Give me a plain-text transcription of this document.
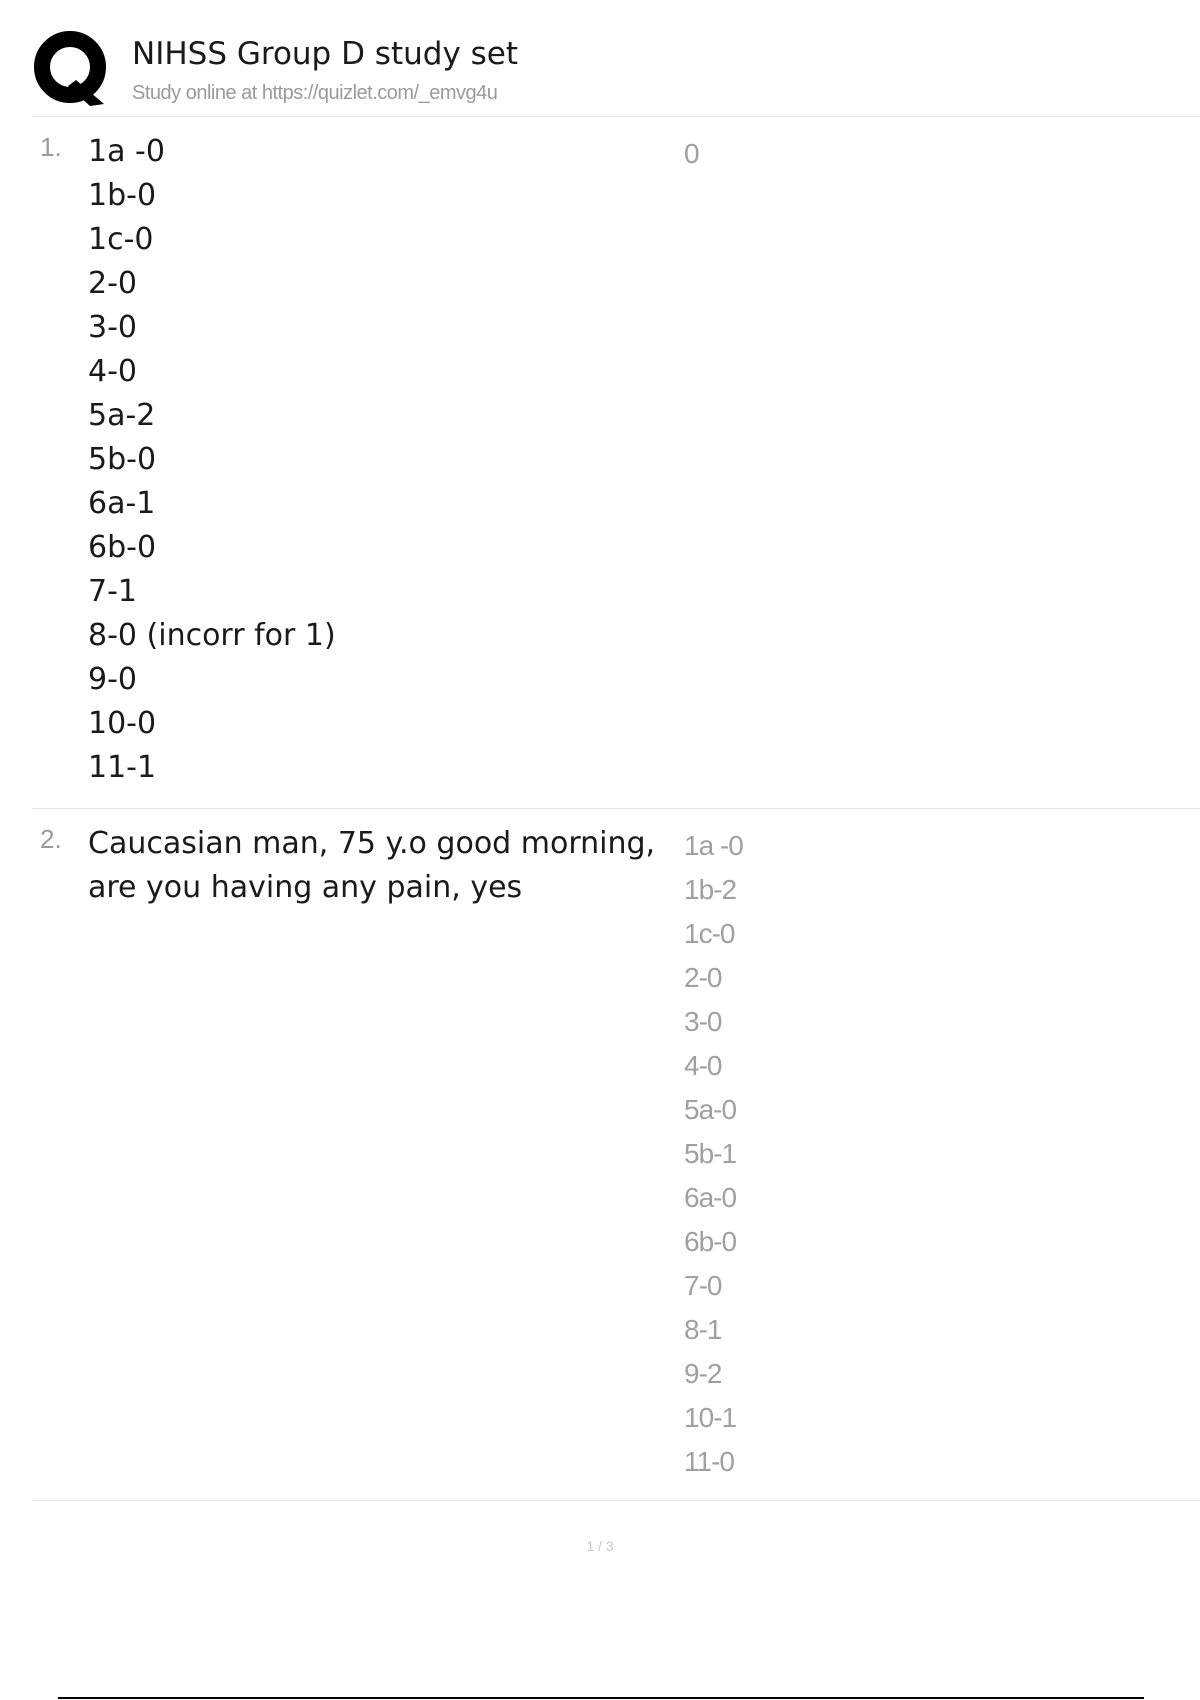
NIHSS Group D study set
Study online at https://quizlet.com/_emvg4u
1. 1a -0
1b-0
1c-0
2-0
3-0
4-0
5a-2
5b-0
6a-1
6b-0
7-1
8-0 (incorr for 1)
9-0
10-0
11-1
0
2. Caucasian man, 75 y.o good morning,
are you having any pain, yes
1a -0
1b-2
1c-0
2-0
3-0
4-0
5a-0
5b-1
6a-0
6b-0
7-0
8-1
9-2
10-1
11-0
1 / 3
